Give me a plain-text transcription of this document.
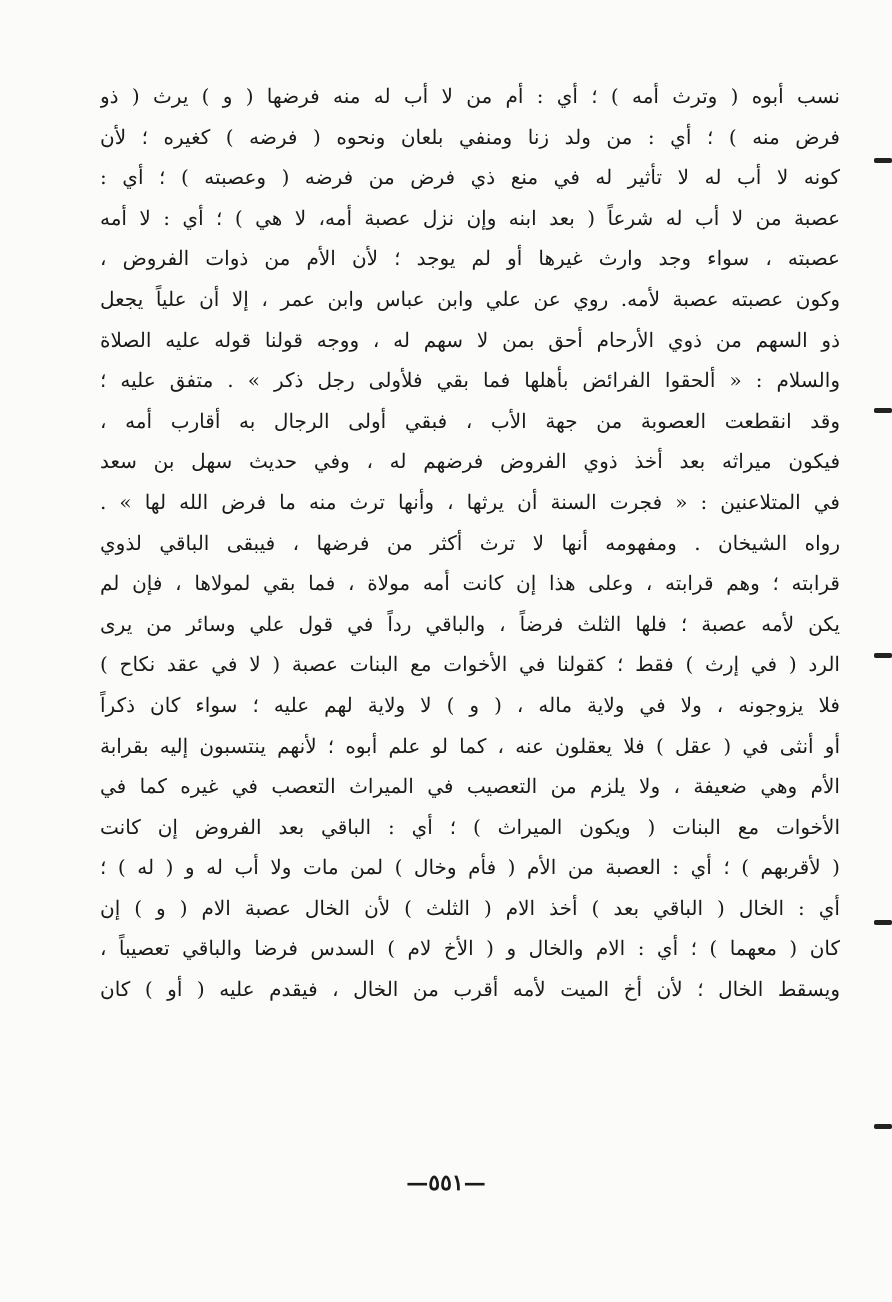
نسب أبوه ( وترث أمه ) ؛ أي : أم من لا أب له منه فرضها ( و ) يرث ( ذو
فرض منه ) ؛ أي : من ولد زنا ومنفي بلعان ونحوه ( فرضه ) كغيره ؛ لأن
كونه لا أب له لا تأثير له في منع ذي فرض من فرضه ( وعصبته ) ؛ أي :
عصبة من لا أب له شرعاً ( بعد ابنه وإن نزل عصبة أمه، لا هي ) ؛ أي : لا أمه
عصبته ، سواء وجد وارث غيرها أو لم يوجد ؛ لأن الأم من ذوات الفروض ،
وكون عصبته عصبة لأمه. روي عن علي وابن عباس وابن عمر ، إلا أن علياً يجعل
ذو السهم من ذوي الأرحام أحق بمن لا سهم له ، ووجه قولنا قوله عليه الصلاة
والسلام : « ألحقوا الفرائض بأهلها فما بقي فلأولى رجل ذكر » . متفق عليه ؛
وقد انقطعت العصوبة من جهة الأب ، فبقي أولى الرجال به أقارب أمه ،
فيكون ميراثه بعد أخذ ذوي الفروض فرضهم له ، وفي حديث سهل بن سعد
في المتلاعنين : « فجرت السنة أن يرثها ، وأنها ترث منه ما فرض الله لها » .
رواه الشيخان . ومفهومه أنها لا ترث أكثر من فرضها ، فيبقى الباقي لذوي
قرابته ؛ وهم قرابته ، وعلى هذا إن كانت أمه مولاة ، فما بقي لمولاها ، فإن لم
يكن لأمه عصبة ؛ فلها الثلث فرضاً ، والباقي رداً في قول علي وسائر من يرى
الرد ( في إرث ) فقط ؛ كقولنا في الأخوات مع البنات عصبة ( لا في عقد نكاح )
فلا يزوجونه ، ولا في ولاية ماله ، ( و ) لا ولاية لهم عليه ؛ سواء كان ذكراً
أو أنثى في ( عقل ) فلا يعقلون عنه ، كما لو علم أبوه ؛ لأنهم ينتسبون إليه بقرابة
الأم وهي ضعيفة ، ولا يلزم من التعصيب في الميراث التعصب في غيره كما في
الأخوات مع البنات ( ويكون الميراث ) ؛ أي : الباقي بعد الفروض إن كانت
( لأقربهم ) ؛ أي : العصبة من الأم ( فأم وخال ) لمن مات ولا أب له و ( له ) ؛
أي : الخال ( الباقي بعد ) أخذ الام ( الثلث ) لأن الخال عصبة الام ( و ) إن
كان ( معهما ) ؛ أي : الام والخال و ( الأخ لام ) السدس فرضا والباقي تعصيباً ،
ويسقط الخال ؛ لأن أخ الميت لأمه أقرب من الخال ، فيقدم عليه ( أو ) كان
—٥٥١—
